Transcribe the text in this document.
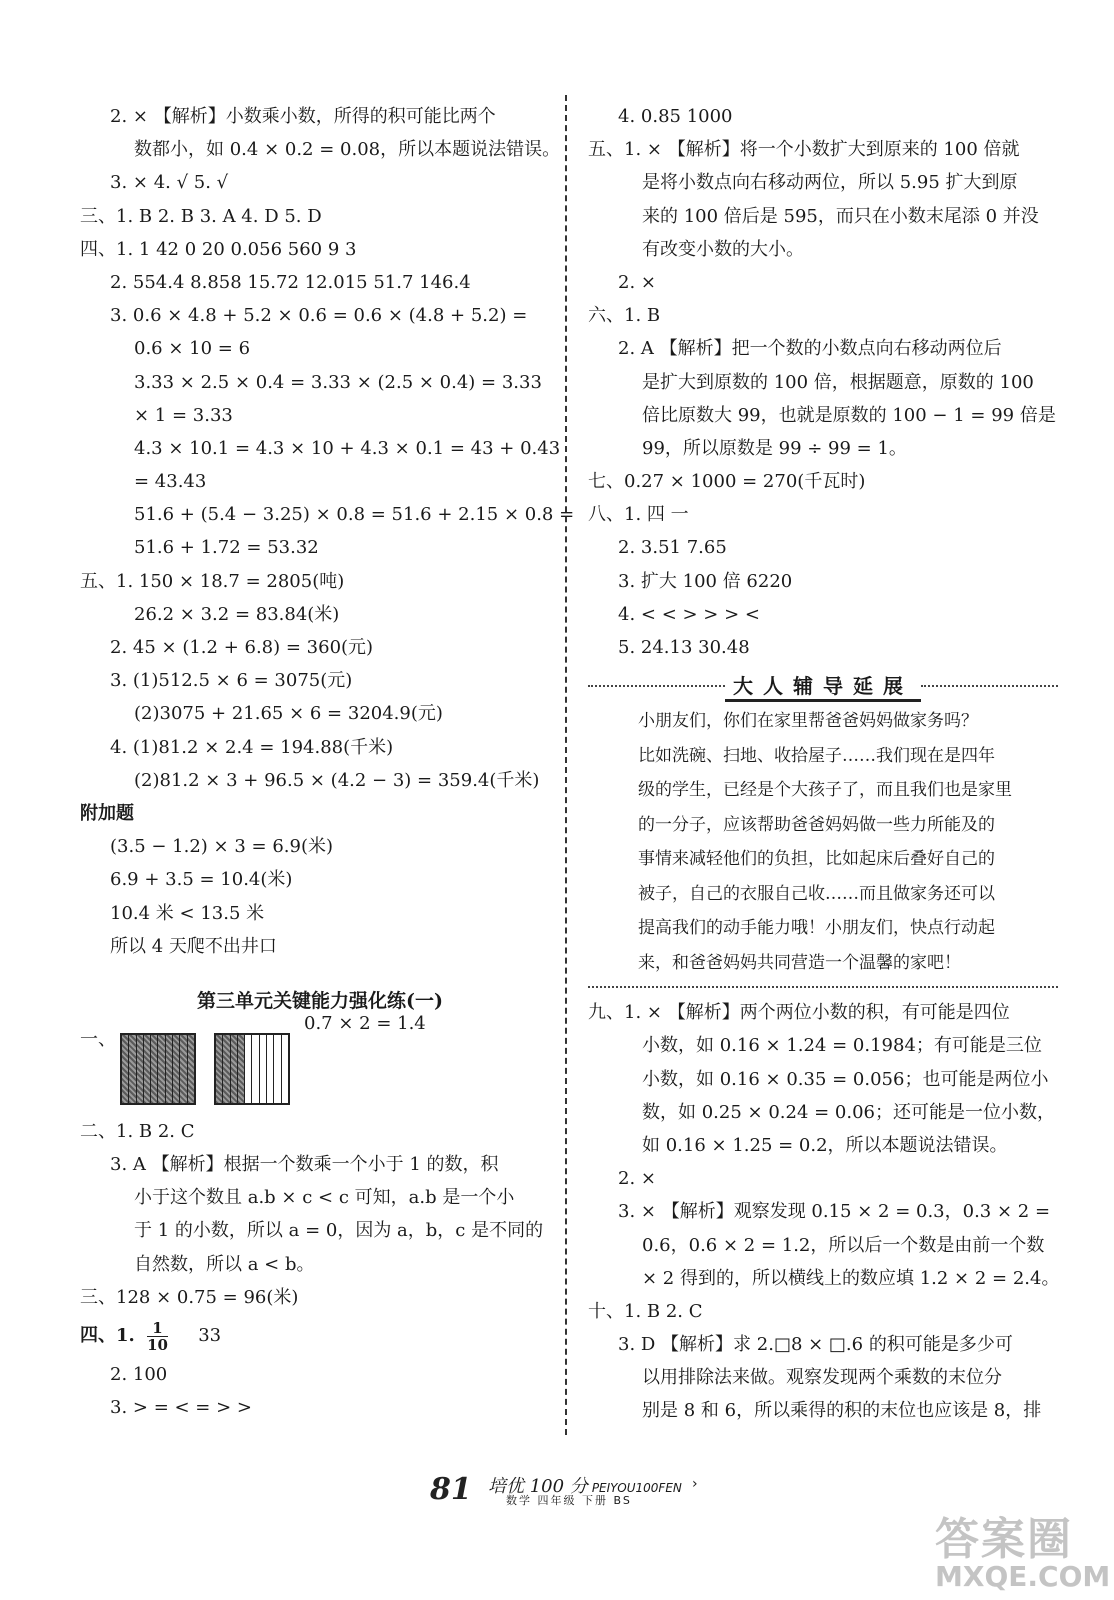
2. × 【解析】小数乘小数，所得的积可能比两个
数都小，如 0.4 × 0.2 = 0.08，所以本题说法错误。
3. × 4. √ 5. √
三、1. B 2. B 3. A 4. D 5. D
四、1. 1 42 0 20 0.056 560 9 3
2. 554.4 8.858 15.72 12.015 51.7 146.4
3. 0.6 × 4.8 + 5.2 × 0.6 = 0.6 × (4.8 + 5.2) =
0.6 × 10 = 6
3.33 × 2.5 × 0.4 = 3.33 × (2.5 × 0.4) = 3.33
× 1 = 3.33
4.3 × 10.1 = 4.3 × 10 + 4.3 × 0.1 = 43 + 0.43
= 43.43
51.6 + (5.4 − 3.25) × 0.8 = 51.6 + 2.15 × 0.8 =
51.6 + 1.72 = 53.32
五、1. 150 × 18.7 = 2805(吨)
26.2 × 3.2 = 83.84(米)
2. 45 × (1.2 + 6.8) = 360(元)
3. (1)512.5 × 6 = 3075(元)
(2)3075 + 21.65 × 6 = 3204.9(元)
4. (1)81.2 × 2.4 = 194.88(千米)
(2)81.2 × 3 + 96.5 × (4.2 − 3) = 359.4(千米)
附加题
(3.5 − 1.2) × 3 = 6.9(米)
6.9 + 3.5 = 10.4(米)
10.4 米 < 13.5 米
所以 4 天爬不出井口
第三单元关键能力强化练(一)
一、
0.7 × 2 = 1.4
二、1. B 2. C
3. A 【解析】根据一个数乘一个小于 1 的数，积
小于这个数且 a.b × c < c 可知，a.b 是一个小
于 1 的小数，所以 a = 0，因为 a，b，c 是不同的
自然数，所以 a < b。
三、128 × 0.75 = 96(米)
四、1. $\frac{1}{10} 33$
2. 100
3. > = < = > >
4. 0.85 1000
五、1. × 【解析】将一个小数扩大到原来的 100 倍就
是将小数点向右移动两位，所以 5.95 扩大到原
来的 100 倍后是 595，而只在小数末尾添 0 并没
有改变小数的大小。
2. ×
六、1. B
2. A 【解析】把一个数的小数点向右移动两位后
是扩大到原数的 100 倍，根据题意，原数的 100
倍比原数大 99，也就是原数的 100 − 1 = 99 倍是
99，所以原数是 99 ÷ 99 = 1。
七、0.27 × 1000 = 270(千瓦时)
八、1. 四 一
2. 3.51 7.65
3. 扩大 100 倍 6220
4. < < > > > <
5. 24.13 30.48
大人辅导延展
小朋友们，你们在家里帮爸爸妈妈做家务吗？
比如洗碗、扫地、收拾屋子……我们现在是四年
级的学生，已经是个大孩子了，而且我们也是家里
的一分子，应该帮助爸爸妈妈做一些力所能及的
事情来减轻他们的负担，比如起床后叠好自己的
被子，自己的衣服自己收……而且做家务还可以
提高我们的动手能力哦！小朋友们，快点行动起
来，和爸爸妈妈共同营造一个温馨的家吧！
九、1. × 【解析】两个两位小数的积，有可能是四位
小数，如 0.16 × 1.24 = 0.1984；有可能是三位
小数，如 0.16 × 0.35 = 0.056；也可能是两位小
数，如 0.25 × 0.24 = 0.06；还可能是一位小数，
如 0.16 × 1.25 = 0.2，所以本题说法错误。
2. ×
3. × 【解析】观察发现 0.15 × 2 = 0.3，0.3 × 2 =
0.6，0.6 × 2 = 1.2，所以后一个数是由前一个数
× 2 得到的，所以横线上的数应填 1.2 × 2 = 2.4。
十、1. B 2. C
3. D 【解析】求 2.□8 × □.6 的积可能是多少可
以用排除法来做。观察发现两个乘数的末位分
别是 8 和 6，所以乘得的积的末位也应该是 8，排
81 培优 100 分 PEIYOU100FEN
数学 四年级 下册 BS
›
答案圈
MXQE.COM
